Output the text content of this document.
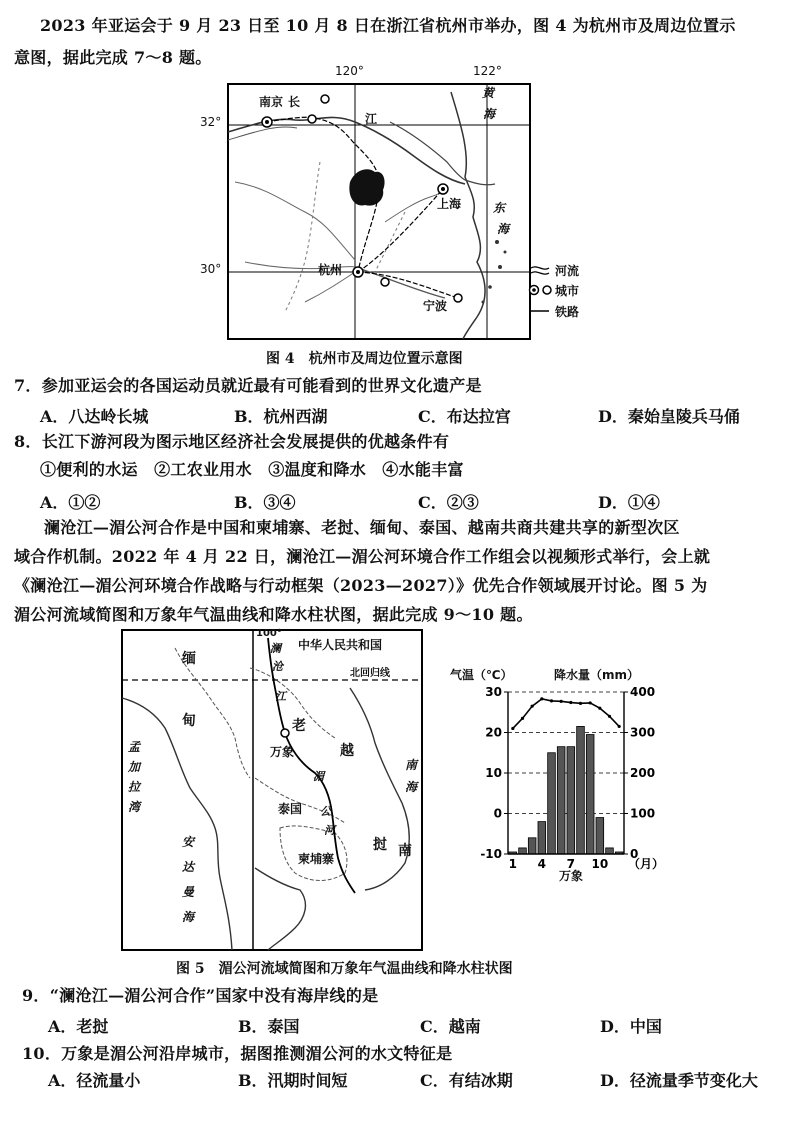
2023 年亚运会于 9 月 23 日至 10 月 8 日在浙江省杭州市举办，图 4 为杭州市及周边位置示
意图，据此完成 7～8 题。
120°	122°
32°
30°
南京 长
江
黄
海
上海	东
海
杭州
宁波
河流
城市
铁路
图 4　杭州市及周边位置示意图
7．参加亚运会的各国运动员就近最有可能看到的世界文化遗产是
A．八达岭长城	B．杭州西湖	C．布达拉宫	D．秦始皇陵兵马俑
8．长江下游河段为图示地区经济社会发展提供的优越条件有
①便利的水运　②工农业用水　③温度和降水　④水能丰富
A．①②	B．③④	C．②③	D．①④
澜沧江—湄公河合作是中国和柬埔寨、老挝、缅甸、泰国、越南共商共建共享的新型次区
域合作机制。2022 年 4 月 22 日，澜沧江—湄公河环境合作工作组会以视频形式举行，会上就
《澜沧江—湄公河环境合作战略与行动框架（2023—2027）》优先合作领域展开讨论。图 5 为
湄公河流域简图和万象年气温曲线和降水柱状图，据此完成 9～10 题。
100°
中华人民共和国
北回归线
缅
甸
孟
加
拉
湾
老
挝
万象
泰国
越
南
南
海
柬埔寨
安
达
曼
海
澜
沧
江
湄
公
河
气温（℃）	降水量（mm）
30
20
10
0
-10
400
300
200
100
0
1 4 7 10 （月）
万象
图 5　湄公河流域简图和万象年气温曲线和降水柱状图
9．“澜沧江—湄公河合作”国家中没有海岸线的是
A．老挝	B．泰国	C．越南	D．中国
10．万象是湄公河沿岸城市，据图推测湄公河的水文特征是
A．径流量小	B．汛期时间短	C．有结冰期	D．径流量季节变化大
